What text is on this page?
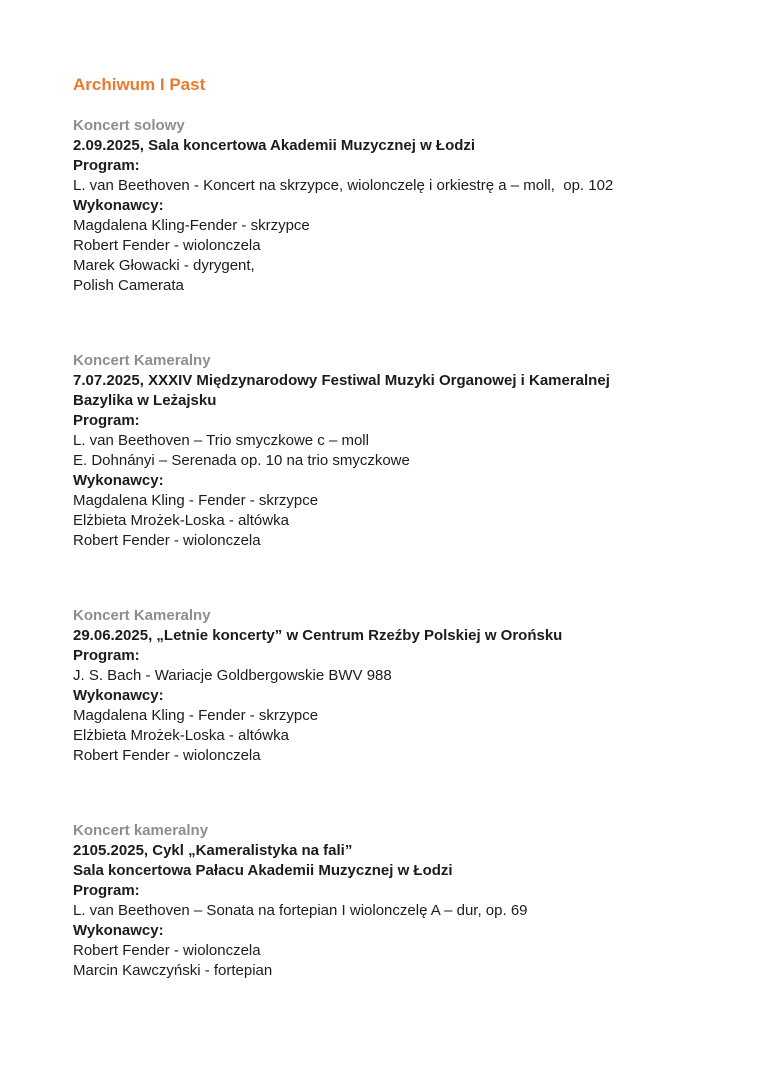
Archiwum I Past
Koncert solowy
2.09.2025, Sala koncertowa Akademii Muzycznej w Łodzi
Program:
L. van Beethoven - Koncert na skrzypce, wiolonczelę i orkiestrę a – moll,  op. 102
Wykonawcy:
Magdalena Kling-Fender - skrzypce
Robert Fender - wiolonczela
Marek Głowacki - dyrygent,
Polish Camerata
Koncert Kameralny
7.07.2025, XXXIV Międzynarodowy Festiwal Muzyki Organowej i Kameralnej
Bazylika w Leżajsku
Program:
L. van Beethoven – Trio smyczkowe c – moll
E. Dohnányi – Serenada op. 10 na trio smyczkowe
Wykonawcy:
Magdalena Kling - Fender - skrzypce
Elżbieta Mrożek-Loska - altówka
Robert Fender - wiolonczela
Koncert Kameralny
29.06.2025, „Letnie koncerty” w Centrum Rzeźby Polskiej w Orońsku
Program:
J. S. Bach - Wariacje Goldbergowskie BWV 988
Wykonawcy:
Magdalena Kling - Fender - skrzypce
Elżbieta Mrożek-Loska - altówka
Robert Fender - wiolonczela
Koncert kameralny
2105.2025, Cykl „Kameralistyka na fali”
Sala koncertowa Pałacu Akademii Muzycznej w Łodzi
Program:
L. van Beethoven – Sonata na fortepian I wiolonczelę A – dur, op. 69
Wykonawcy:
Robert Fender - wiolonczela
Marcin Kawczyński - fortepian
